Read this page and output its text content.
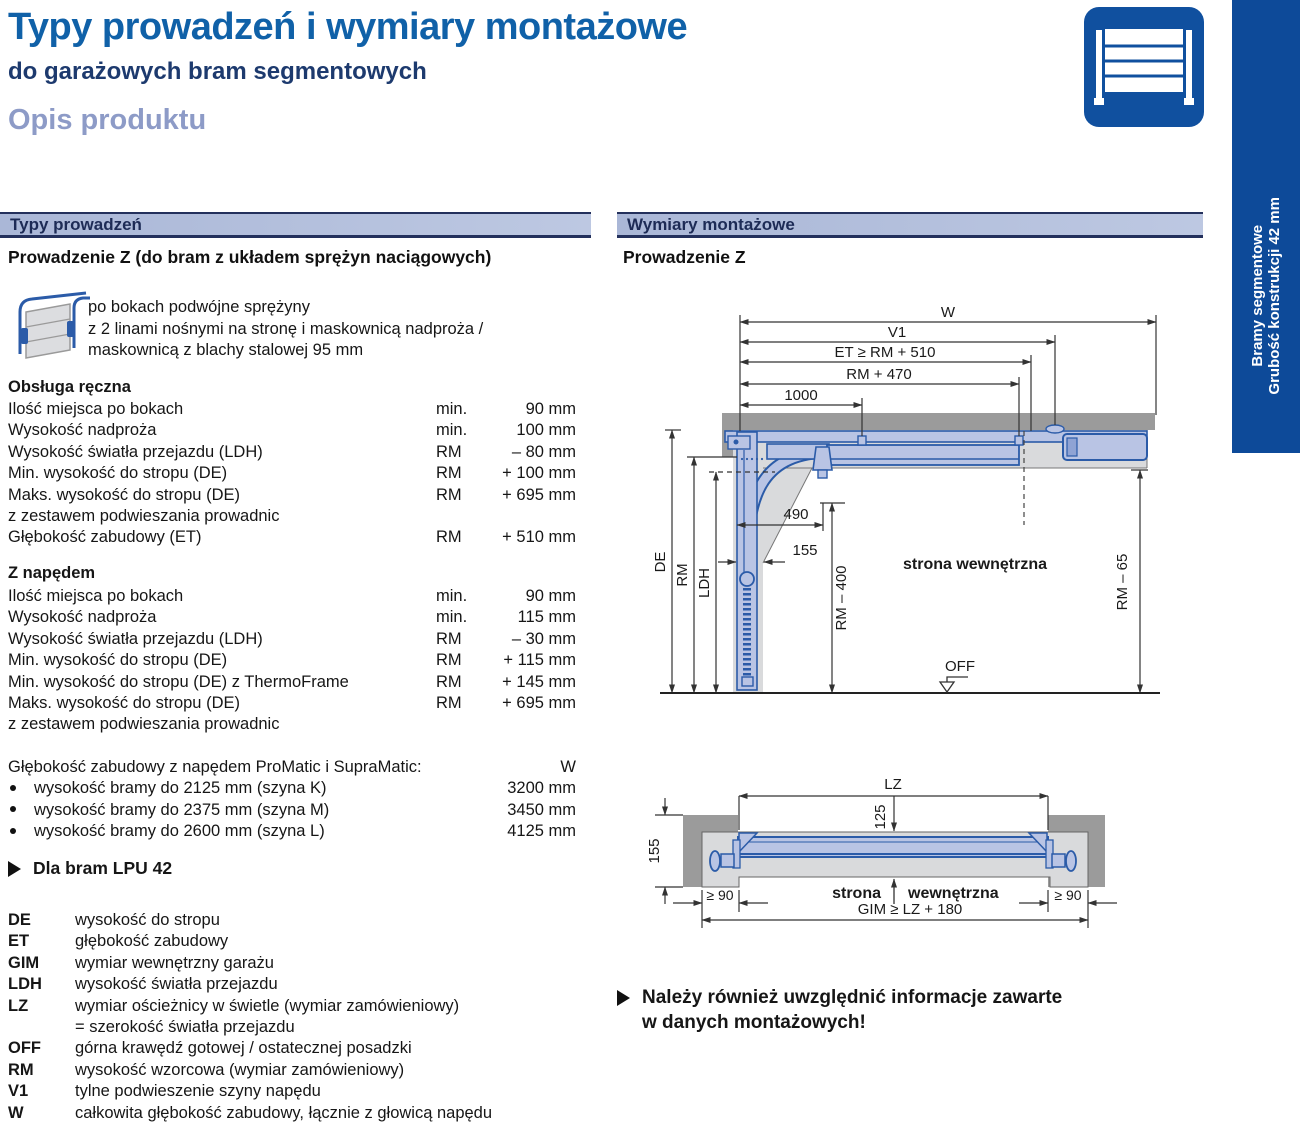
Typy prowadzeń i wymiary montażowe
do garażowych bram segmentowych
Opis produktu
Bramy segmentowe Grubość konstrukcji 42 mm
Typy prowadzeń	Wymiary montażowe
Prowadzenie Z (do bram z układem sprężyn naciągowych)	Prowadzenie Z
po bokach podwójne sprężyny
z 2 linami nośnymi na stronę i maskownicą nadproża /
maskownicą z blachy stalowej 95 mm
Obsługa ręczna
Ilość miejsca po bokach	min.	90 mm
Wysokość nadproża	min.	100 mm
Wysokość światła przejazdu (LDH)	RM	– 80 mm
Min. wysokość do stropu (DE)	RM	+ 100 mm
Maks. wysokość do stropu (DE)	RM	+ 695 mm
z zestawem podwieszania prowadnic
Głębokość zabudowy (ET)	RM	+ 510 mm
Z napędem
Ilość miejsca po bokach	min.	90 mm
Wysokość nadproża	min.	115 mm
Wysokość światła przejazdu (LDH)	RM	– 30 mm
Min. wysokość do stropu (DE)	RM	+ 115 mm
Min. wysokość do stropu (DE) z ThermoFrame	RM	+ 145 mm
Maks. wysokość do stropu (DE)	RM	+ 695 mm
z zestawem podwieszania prowadnic
Głębokość zabudowy z napędem ProMatic i SupraMatic:	W
wysokość bramy do 2125 mm (szyna K)	3200 mm
wysokość bramy do 2375 mm (szyna M)	3450 mm
wysokość bramy do 2600 mm (szyna L)	4125 mm
Dla bram LPU 42
DE	wysokość do stropu
ET	głębokość zabudowy
GIM	wymiar wewnętrzny garażu
LDH	wysokość światła przejazdu
LZ	wymiar ościeżnicy w świetle (wymiar zamówieniowy)
= szerokość światła przejazdu
OFF	górna krawędź gotowej / ostatecznej posadzki
RM	wysokość wzorcowa (wymiar zamówieniowy)
V1	tylne podwieszenie szyny napędu
W	całkowita głębokość zabudowy, łącznie z głowicą napędu
W
V1
ET ≥ RM + 510
RM + 470
1000
DE
RM LDH	RM – 400	RM – 65
490
155
strona wewnętrzna
OFF
LZ
125
155
≥ 90	≥ 90
GIM ≥ LZ + 180
strona wewnętrzna
Należy również uwzględnić informacje zawarte
w danych montażowych!
